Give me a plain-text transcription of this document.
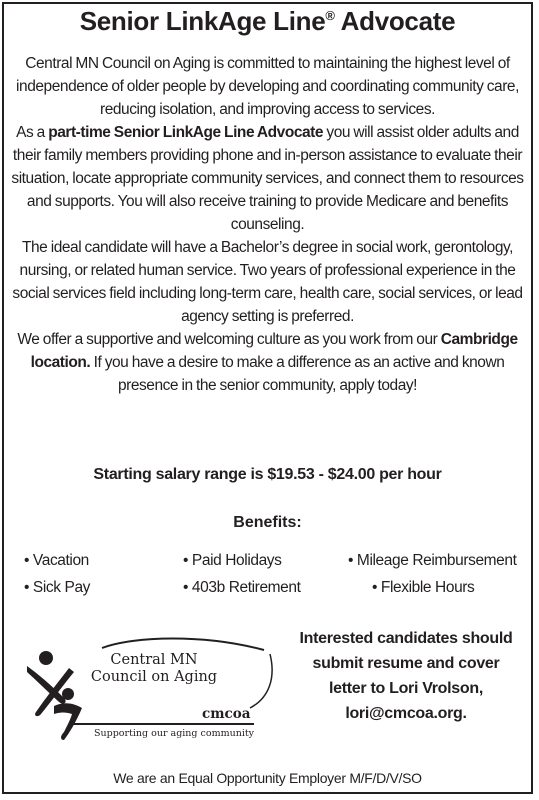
Senior LinkAge Line® Advocate

Central MN Council on Aging is committed to maintaining the highest level of independence of older people by developing and coordinating community care, reducing isolation, and improving access to services.

As a part-time Senior LinkAge Line Advocate you will assist older adults and their family members providing phone and in-person assistance to evaluate their situation, locate appropriate community services, and connect them to resources and supports. You will also receive training to provide Medicare and benefits counseling.

The ideal candidate will have a Bachelor’s degree in social work, gerontology, nursing, or related human service. Two years of professional experience in the social services field including long-term care, health care, social services, or lead agency setting is preferred.

We offer a supportive and welcoming culture as you work from our Cambridge location. If you have a desire to make a difference as an active and known presence in the senior community, apply today!

Starting salary range is $19.53 - $24.00 per hour
Benefits:
• Vacation	• Paid Holidays	• Mileage Reimbursement
• Sick Pay	• 403b Retirement	• Flexible Hours
Central MN
Council on Aging
cmcoa
Supporting our aging community
Interested candidates should
submit resume and cover
letter to Lori Vrolson,
lori@cmcoa.org.
We are an Equal Opportunity Employer M/F/D/V/SO
